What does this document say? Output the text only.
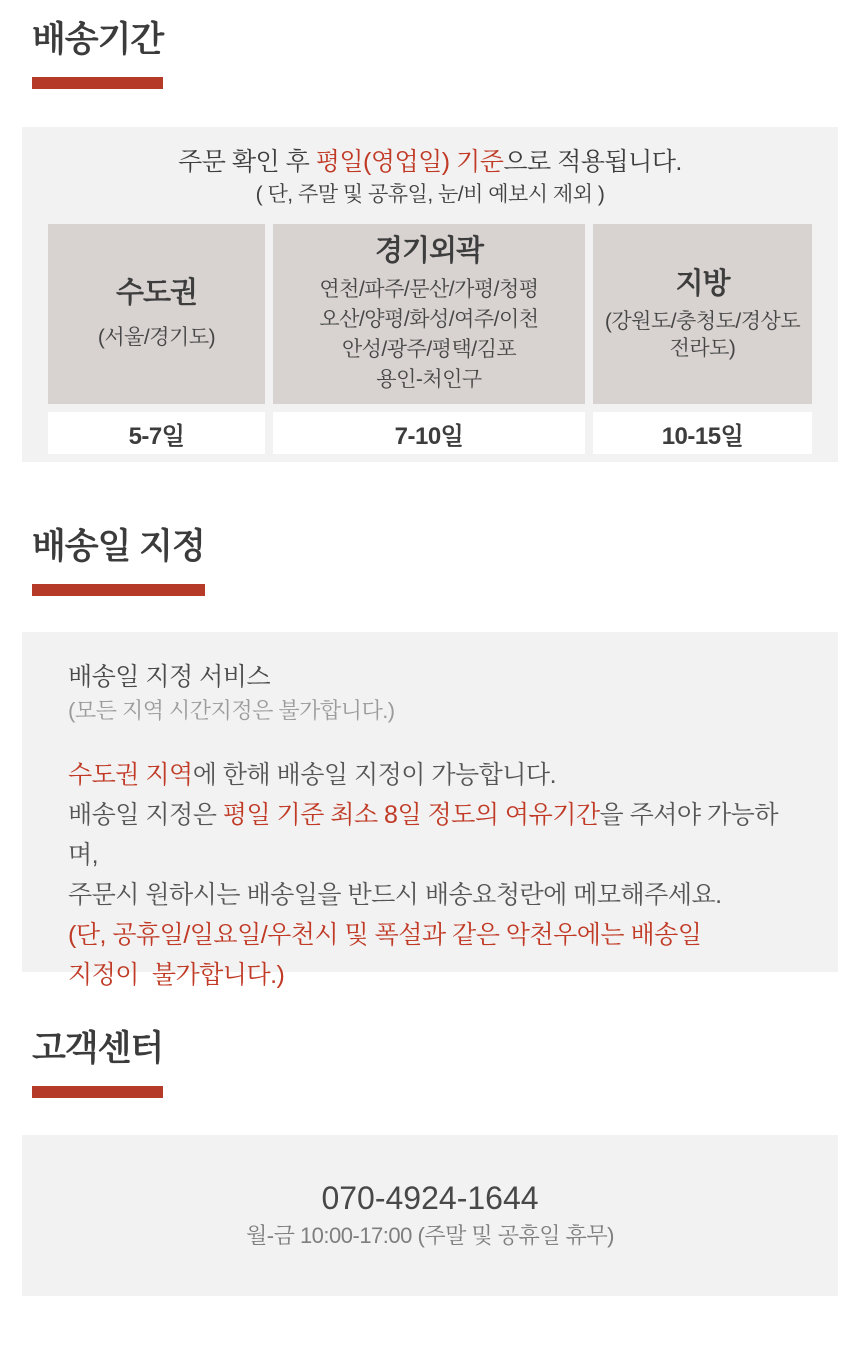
배송기간

주문 확인 후 평일(영업일) 기준으로 적용됩니다.

( 단, 주말 및 공휴일, 눈/비 예보시 제외 )

수도권
(서울/경기도)
경기외곽
연천/파주/문산/가평/청평
오산/양평/화성/여주/이천
안성/광주/평택/김포
용인-처인구
지방
(강원도/충청도/경상도
전라도)
5-7일	7-10일	10-15일
배송일 지정

배송일 지정 서비스

(모든 지역 시간지정은 불가합니다.)

수도권 지역에 한해 배송일 지정이 가능합니다.
배송일 지정은 평일 기준 최소 8일 정도의 여유기간을 주셔야 가능하며,
주문시 원하시는 배송일을 반드시 배송요청란에 메모해주세요.
(단, 공휴일/일요일/우천시 및 폭설과 같은 악천우에는 배송일
지정이  불가합니다.)
고객센터

070-4924-1644

월-금 10:00-17:00 (주말 및 공휴일 휴무)
